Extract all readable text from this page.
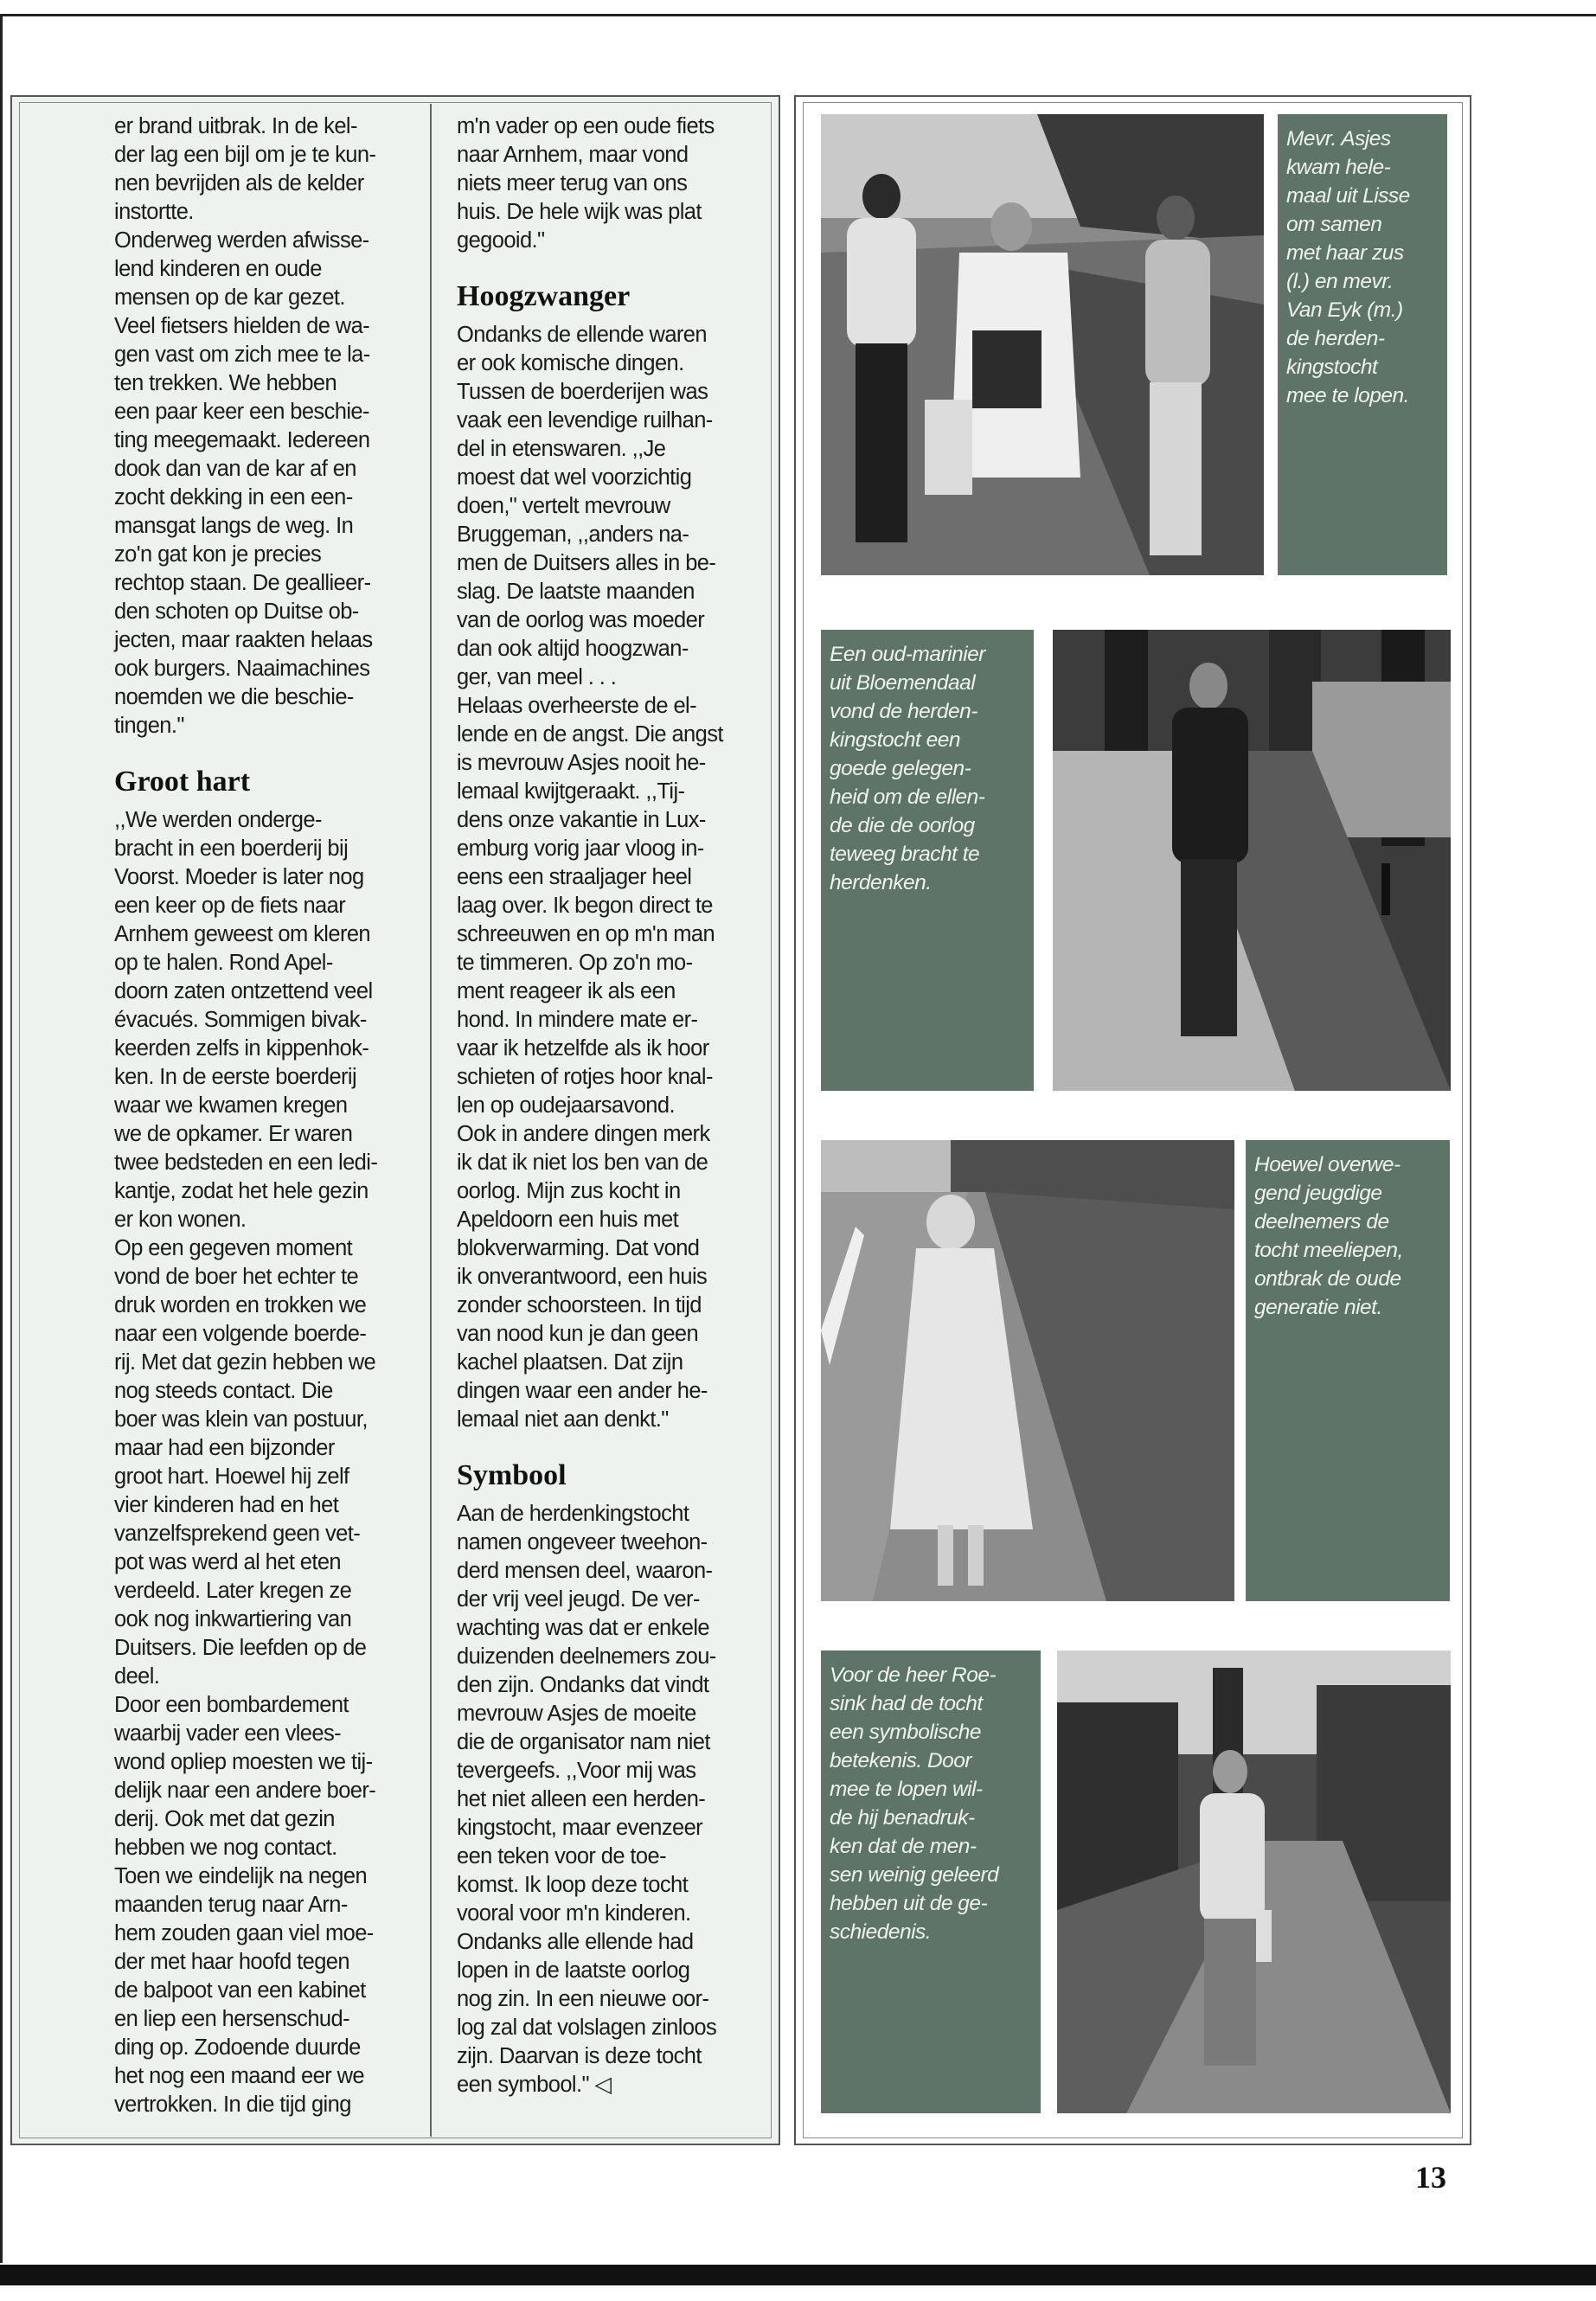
er brand uitbrak. In de kel-
der lag een bijl om je te kun-
nen bevrijden als de kelder
instortte.
Onderweg werden afwisse-
lend kinderen en oude
mensen op de kar gezet.
Veel fietsers hielden de wa-
gen vast om zich mee te la-
ten trekken. We hebben
een paar keer een beschie-
ting meegemaakt. Iedereen
dook dan van de kar af en
zocht dekking in een een-
mansgat langs de weg. In
zo'n gat kon je precies
rechtop staan. De geallieer-
den schoten op Duitse ob-
jecten, maar raakten helaas
ook burgers. Naaimachines
noemden we die beschie-
tingen."

Groot hart

,,We werden onderge-
bracht in een boerderij bij
Voorst. Moeder is later nog
een keer op de fiets naar
Arnhem geweest om kleren
op te halen. Rond Apel-
doorn zaten ontzettend veel
évacués. Sommigen bivak-
keerden zelfs in kippenhok-
ken. In de eerste boerderij
waar we kwamen kregen
we de opkamer. Er waren
twee bedsteden en een ledi-
kantje, zodat het hele gezin
er kon wonen.
Op een gegeven moment
vond de boer het echter te
druk worden en trokken we
naar een volgende boerde-
rij. Met dat gezin hebben we
nog steeds contact. Die
boer was klein van postuur,
maar had een bijzonder
groot hart. Hoewel hij zelf
vier kinderen had en het
vanzelfsprekend geen vet-
pot was werd al het eten
verdeeld. Later kregen ze
ook nog inkwartiering van
Duitsers. Die leefden op de
deel.
Door een bombardement
waarbij vader een vlees-
wond opliep moesten we tij-
delijk naar een andere boer-
derij. Ook met dat gezin
hebben we nog contact.
Toen we eindelijk na negen
maanden terug naar Arn-
hem zouden gaan viel moe-
der met haar hoofd tegen
de balpoot van een kabinet
en liep een hersenschud-
ding op. Zodoende duurde
het nog een maand eer we
vertrokken. In die tijd ging

m'n vader op een oude fiets
naar Arnhem, maar vond
niets meer terug van ons
huis. De hele wijk was plat
gegooid."

Hoogzwanger

Ondanks de ellende waren
er ook komische dingen.
Tussen de boerderijen was
vaak een levendige ruilhan-
del in etenswaren. ,,Je
moest dat wel voorzichtig
doen," vertelt mevrouw
Bruggeman, ,,anders na-
men de Duitsers alles in be-
slag. De laatste maanden
van de oorlog was moeder
dan ook altijd hoogzwan-
ger, van meel . . .
Helaas overheerste de el-
lende en de angst. Die angst
is mevrouw Asjes nooit he-
lemaal kwijtgeraakt. ,,Tij-
dens onze vakantie in Lux-
emburg vorig jaar vloog in-
eens een straaljager heel
laag over. Ik begon direct te
schreeuwen en op m'n man
te timmeren. Op zo'n mo-
ment reageer ik als een
hond. In mindere mate er-
vaar ik hetzelfde als ik hoor
schieten of rotjes hoor knal-
len op oudejaarsavond.
Ook in andere dingen merk
ik dat ik niet los ben van de
oorlog. Mijn zus kocht in
Apeldoorn een huis met
blokverwarming. Dat vond
ik onverantwoord, een huis
zonder schoorsteen. In tijd
van nood kun je dan geen
kachel plaatsen. Dat zijn
dingen waar een ander he-
lemaal niet aan denkt."

Symbool

Aan de herdenkingstocht
namen ongeveer tweehon-
derd mensen deel, waaron-
der vrij veel jeugd. De ver-
wachting was dat er enkele
duizenden deelnemers zou-
den zijn. Ondanks dat vindt
mevrouw Asjes de moeite
die de organisator nam niet
tevergeefs. ,,Voor mij was
het niet alleen een herden-
kingstocht, maar evenzeer
een teken voor de toe-
komst. Ik loop deze tocht
vooral voor m'n kinderen.
Ondanks alle ellende had
lopen in de laatste oorlog
nog zin. In een nieuwe oor-
log zal dat volslagen zinloos
zijn. Daarvan is deze tocht
een symbool." ◁

Mevr. Asjes
kwam hele-
maal uit Lisse
om samen
met haar zus
(l.) en mevr.
Van Eyk (m.)
de herden-
kingstocht
mee te lopen.
Een oud-marinier
uit Bloemendaal
vond de herden-
kingstocht een
goede gelegen-
heid om de ellen-
de die de oorlog
teweeg bracht te
herdenken.
Hoewel overwe-
gend jeugdige
deelnemers de
tocht meeliepen,
ontbrak de oude
generatie niet.
Voor de heer Roe-
sink had de tocht
een symbolische
betekenis. Door
mee te lopen wil-
de hij benadruk-
ken dat de men-
sen weinig geleerd
hebben uit de ge-
schiedenis.
13
